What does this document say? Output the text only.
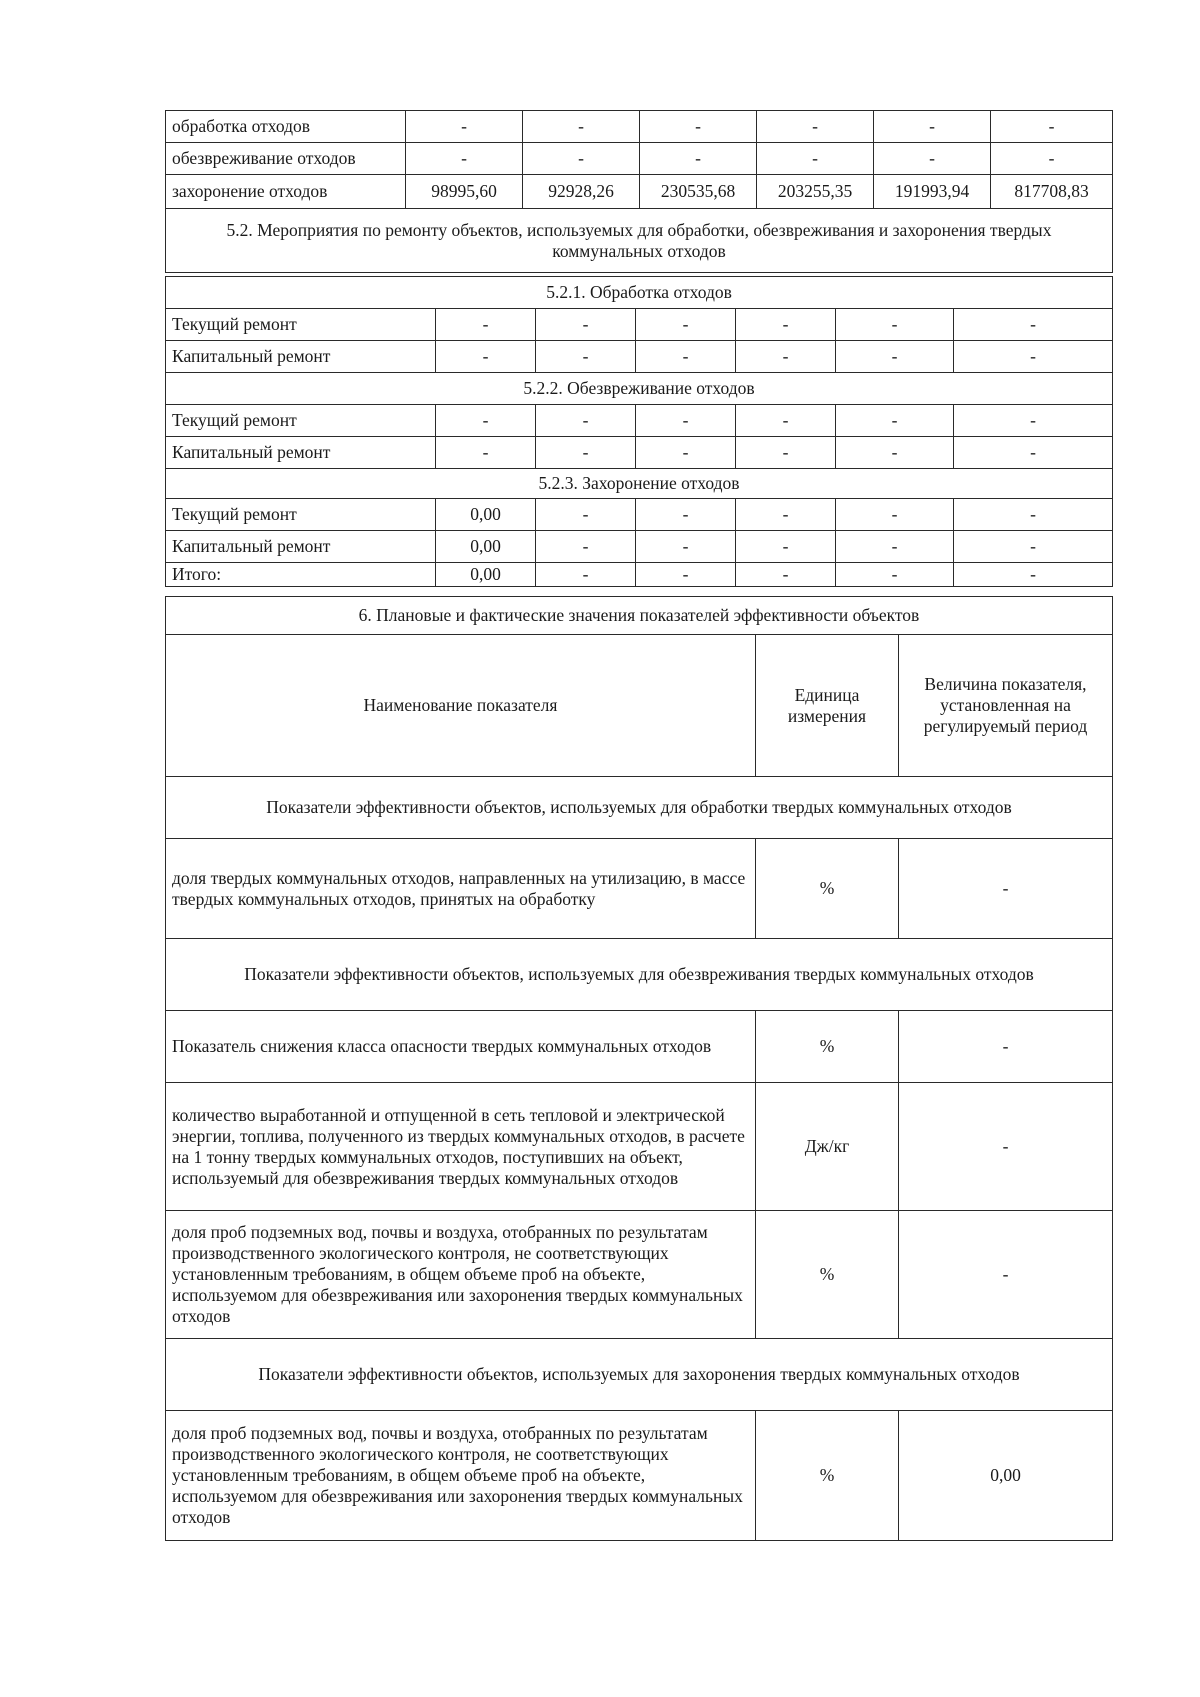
обработка отходов	-	-	-	-	-	-
обезвреживание отходов	-	-	-	-	-	-
захоронение отходов	98995,60	92928,26	230535,68	203255,35	191993,94	817708,83
5.2. Мероприятия по ремонту объектов, используемых для обработки, обезвреживания и захоронения твердых коммунальных отходов						
5.2.1. Обработка отходов						
Текущий ремонт	-	-	-	-	-	-
Капитальный ремонт	-	-	-	-	-	-
5.2.2. Обезвреживание отходов						
Текущий ремонт	-	-	-	-	-	-
Капитальный ремонт	-	-	-	-	-	-
5.2.3. Захоронение отходов						
Текущий ремонт	0,00	-	-	-	-	-
Капитальный ремонт	0,00	-	-	-	-	-
Итого:	0,00	-	-	-	-	-
6. Плановые и фактические значения показателей эффективности объектов		
Наименование показателя	Единица измерения	Величина показателя, установленная на регулируемый период
Показатели эффективности объектов, используемых для обработки твердых коммунальных отходов		
доля твердых коммунальных отходов, направленных на утилизацию, в массе твердых коммунальных отходов, принятых на обработку	%	-
Показатели эффективности объектов, используемых для обезвреживания твердых коммунальных отходов		
Показатель снижения класса опасности твердых коммунальных отходов	%	-
количество выработанной и отпущенной в сеть тепловой и электрической энергии, топлива, полученного из твердых коммунальных отходов, в расчете на 1 тонну твердых коммунальных отходов, поступивших на объект, используемый для обезвреживания твердых коммунальных отходов	Дж/кг	-
доля проб подземных вод, почвы и воздуха, отобранных по результатам производственного экологического контроля, не соответствующих установленным требованиям, в общем объеме проб на объекте, используемом для обезвреживания или захоронения твердых коммунальных отходов	%	-
Показатели эффективности объектов, используемых для захоронения твердых коммунальных отходов		
доля проб подземных вод, почвы и воздуха, отобранных по результатам производственного экологического контроля, не соответствующих установленным требованиям, в общем объеме проб на объекте, используемом для обезвреживания или захоронения твердых коммунальных отходов	%	0,00
